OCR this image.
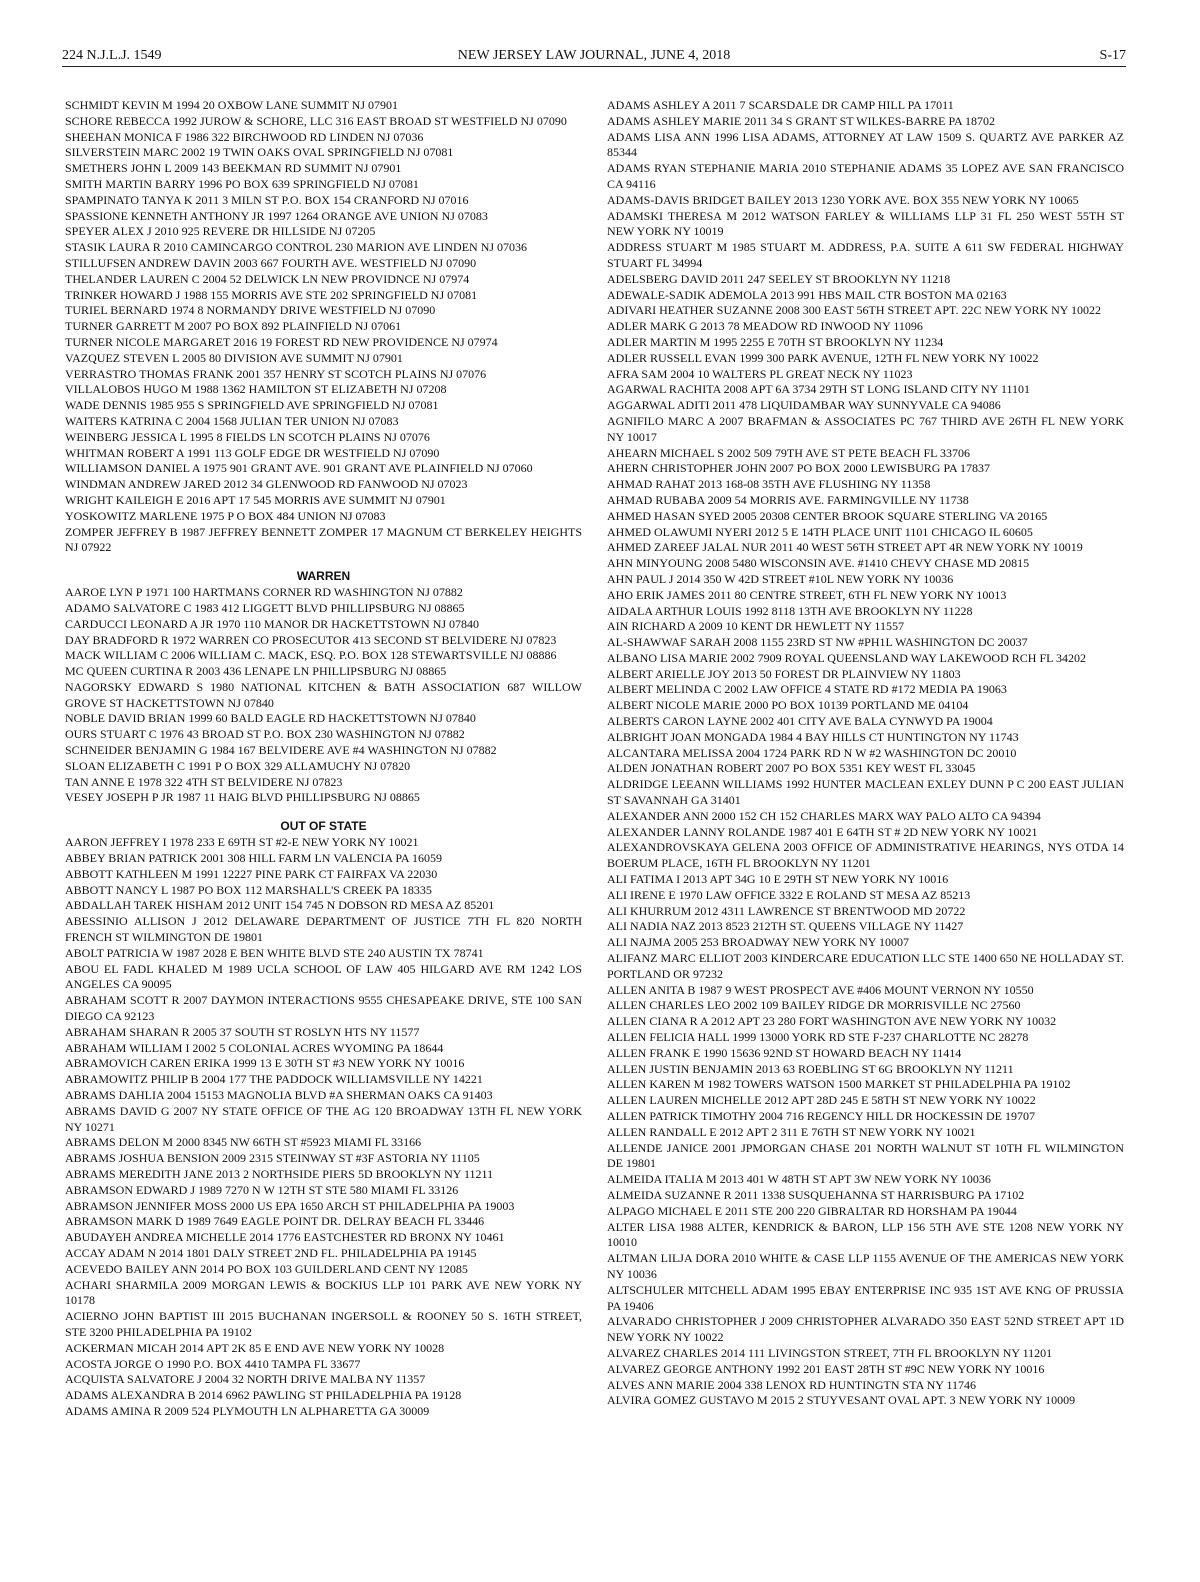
NEW JERSEY LAW JOURNAL, JUNE 4, 2018
224 N.J.L.J. 1549	S-17
SCHMIDT KEVIN M 1994 20 OXBOW LANE SUMMIT NJ 07901
SCHORE REBECCA 1992 JUROW & SCHORE, LLC 316 EAST BROAD ST WESTFIELD NJ 07090
SHEEHAN MONICA F 1986 322 BIRCHWOOD RD LINDEN NJ 07036
SILVERSTEIN MARC 2002 19 TWIN OAKS OVAL SPRINGFIELD NJ 07081
SMETHERS JOHN L 2009 143 BEEKMAN RD SUMMIT NJ 07901
SMITH MARTIN BARRY 1996 PO BOX 639 SPRINGFIELD NJ 07081
SPAMPINATO TANYA K 2011 3 MILN ST P.O. BOX 154 CRANFORD NJ 07016
SPASSIONE KENNETH ANTHONY JR 1997 1264 ORANGE AVE UNION NJ 07083
SPEYER ALEX J 2010 925 REVERE DR HILLSIDE NJ 07205
STASIK LAURA R 2010 CAMINCARGO CONTROL 230 MARION AVE LINDEN NJ 07036
STILLUFSEN ANDREW DAVIN 2003 667 FOURTH AVE. WESTFIELD NJ 07090
THELANDER LAUREN C 2004 52 DELWICK LN NEW PROVIDNCE NJ 07974
TRINKER HOWARD J 1988 155 MORRIS AVE STE 202 SPRINGFIELD NJ 07081
TURIEL BERNARD 1974 8 NORMANDY DRIVE WESTFIELD NJ 07090
TURNER GARRETT M 2007 PO BOX 892 PLAINFIELD NJ 07061
TURNER NICOLE MARGARET 2016 19 FOREST RD NEW PROVIDENCE NJ 07974
VAZQUEZ STEVEN L 2005 80 DIVISION AVE SUMMIT NJ 07901
VERRASTRO THOMAS FRANK 2001 357 HENRY ST SCOTCH PLAINS NJ 07076
VILLALOBOS HUGO M 1988 1362 HAMILTON ST ELIZABETH NJ 07208
WADE DENNIS 1985 955 S SPRINGFIELD AVE SPRINGFIELD NJ 07081
WAITERS KATRINA C 2004 1568 JULIAN TER UNION NJ 07083
WEINBERG JESSICA L 1995 8 FIELDS LN SCOTCH PLAINS NJ 07076
WHITMAN ROBERT A 1991 113 GOLF EDGE DR WESTFIELD NJ 07090
WILLIAMSON DANIEL A 1975 901 GRANT AVE. 901 GRANT AVE PLAINFIELD NJ 07060
WINDMAN ANDREW JARED 2012 34 GLENWOOD RD FANWOOD NJ 07023
WRIGHT KAILEIGH E 2016 APT 17 545 MORRIS AVE SUMMIT NJ 07901
YOSKOWITZ MARLENE 1975 P O BOX 484 UNION NJ 07083
ZOMPER JEFFREY B 1987 JEFFREY BENNETT ZOMPER 17 MAGNUM CT BERKELEY HEIGHTS NJ 07922
WARREN
AAROE LYN P 1971 100 HARTMANS CORNER RD WASHINGTON NJ 07882
ADAMO SALVATORE C 1983 412 LIGGETT BLVD PHILLIPSBURG NJ 08865
CARDUCCI LEONARD A JR 1970 110 MANOR DR HACKETTSTOWN NJ 07840
DAY BRADFORD R 1972 WARREN CO PROSECUTOR 413 SECOND ST BELVIDERE NJ 07823
MACK WILLIAM C 2006 WILLIAM C. MACK, ESQ. P.O. BOX 128 STEWARTSVILLE NJ 08886
MC QUEEN CURTINA R 2003 436 LENAPE LN PHILLIPSBURG NJ 08865
NAGORSKY EDWARD S 1980 NATIONAL KITCHEN & BATH ASSOCIATION 687 WILLOW GROVE ST HACKETTSTOWN NJ 07840
NOBLE DAVID BRIAN 1999 60 BALD EAGLE RD HACKETTSTOWN NJ 07840
OURS STUART C 1976 43 BROAD ST P.O. BOX 230 WASHINGTON NJ 07882
SCHNEIDER BENJAMIN G 1984 167 BELVIDERE AVE #4 WASHINGTON NJ 07882
SLOAN ELIZABETH C 1991 P O BOX 329 ALLAMUCHY NJ 07820
TAN ANNE E 1978 322 4TH ST BELVIDERE NJ 07823
VESEY JOSEPH P JR 1987 11 HAIG BLVD PHILLIPSBURG NJ 08865
OUT OF STATE
AARON JEFFREY I 1978 233 E 69TH ST #2-E NEW YORK NY 10021
ABBEY BRIAN PATRICK 2001 308 HILL FARM LN VALENCIA PA 16059
ABBOTT KATHLEEN M 1991 12227 PINE PARK CT FAIRFAX VA 22030
ABBOTT NANCY L 1987 PO BOX 112 MARSHALL'S CREEK PA 18335
ABDALLAH TAREK HISHAM 2012 UNIT 154 745 N DOBSON RD MESA AZ 85201
ABESSINIO ALLISON J 2012 DELAWARE DEPARTMENT OF JUSTICE 7TH FL 820 NORTH FRENCH ST WILMINGTON DE 19801
ABOLT PATRICIA W 1987 2028 E BEN WHITE BLVD STE 240 AUSTIN TX 78741
ABOU EL FADL KHALED M 1989 UCLA SCHOOL OF LAW 405 HILGARD AVE RM 1242 LOS ANGELES CA 90095
ABRAHAM SCOTT R 2007 DAYMON INTERACTIONS 9555 CHESAPEAKE DRIVE, STE 100 SAN DIEGO CA 92123
ABRAHAM SHARAN R 2005 37 SOUTH ST ROSLYN HTS NY 11577
ABRAHAM WILLIAM I 2002 5 COLONIAL ACRES WYOMING PA 18644
ABRAMOVICH CAREN ERIKA 1999 13 E 30TH ST #3 NEW YORK NY 10016
ABRAMOWITZ PHILIP B 2004 177 THE PADDOCK WILLIAMSVILLE NY 14221
ABRAMS DAHLIA 2004 15153 MAGNOLIA BLVD #A SHERMAN OAKS CA 91403
ABRAMS DAVID G 2007 NY STATE OFFICE OF THE AG 120 BROADWAY 13TH FL NEW YORK NY 10271
ABRAMS DELON M 2000 8345 NW 66TH ST #5923 MIAMI FL 33166
ABRAMS JOSHUA BENSION 2009 2315 STEINWAY ST #3F ASTORIA NY 11105
ABRAMS MEREDITH JANE 2013 2 NORTHSIDE PIERS 5D BROOKLYN NY 11211
ABRAMSON EDWARD J 1989 7270 N W 12TH ST STE 580 MIAMI FL 33126
ABRAMSON JENNIFER MOSS 2000 US EPA 1650 ARCH ST PHILADELPHIA PA 19003
ABRAMSON MARK D 1989 7649 EAGLE POINT DR. DELRAY BEACH FL 33446
ABUDAYEH ANDREA MICHELLE 2014 1776 EASTCHESTER RD BRONX NY 10461
ACCAY ADAM N 2014 1801 DALY STREET 2ND FL. PHILADELPHIA PA 19145
ACEVEDO BAILEY ANN 2014 PO BOX 103 GUILDERLAND CENT NY 12085
ACHARI SHARMILA 2009 MORGAN LEWIS & BOCKIUS LLP 101 PARK AVE NEW YORK NY 10178
ACIERNO JOHN BAPTIST III 2015 BUCHANAN INGERSOLL & ROONEY 50 S. 16TH STREET, STE 3200 PHILADELPHIA PA 19102
ACKERMAN MICAH 2014 APT 2K 85 E END AVE NEW YORK NY 10028
ACOSTA JORGE O 1990 P.O. BOX 4410 TAMPA FL 33677
ACQUISTA SALVATORE J 2004 32 NORTH DRIVE MALBA NY 11357
ADAMS ALEXANDRA B 2014 6962 PAWLING ST PHILADELPHIA PA 19128
ADAMS AMINA R 2009 524 PLYMOUTH LN ALPHARETTA GA 30009
ADAMS ASHLEY A 2011 7 SCARSDALE DR CAMP HILL PA 17011
ADAMS ASHLEY MARIE 2011 34 S GRANT ST WILKES-BARRE PA 18702
ADAMS LISA ANN 1996 LISA ADAMS, ATTORNEY AT LAW 1509 S. QUARTZ AVE PARKER AZ 85344
ADAMS RYAN STEPHANIE MARIA 2010 STEPHANIE ADAMS 35 LOPEZ AVE SAN FRANCISCO CA 94116
ADAMS-DAVIS BRIDGET BAILEY 2013 1230 YORK AVE. BOX 355 NEW YORK NY 10065
ADAMSKI THERESA M 2012 WATSON FARLEY & WILLIAMS LLP 31 FL 250 WEST 55TH ST NEW YORK NY 10019
ADDRESS STUART M 1985 STUART M. ADDRESS, P.A. SUITE A 611 SW FEDERAL HIGHWAY STUART FL 34994
ADELSBERG DAVID 2011 247 SEELEY ST BROOKLYN NY 11218
ADEWALE-SADIK ADEMOLA 2013 991 HBS MAIL CTR BOSTON MA 02163
ADIVARI HEATHER SUZANNE 2008 300 EAST 56TH STREET APT. 22C NEW YORK NY 10022
ADLER MARK G 2013 78 MEADOW RD INWOOD NY 11096
ADLER MARTIN M 1995 2255 E 70TH ST BROOKLYN NY 11234
ADLER RUSSELL EVAN 1999 300 PARK AVENUE, 12TH FL NEW YORK NY 10022
AFRA SAM 2004 10 WALTERS PL GREAT NECK NY 11023
AGARWAL RACHITA 2008 APT 6A 3734 29TH ST LONG ISLAND CITY NY 11101
AGGARWAL ADITI 2011 478 LIQUIDAMBAR WAY SUNNYVALE CA 94086
AGNIFILO MARC A 2007 BRAFMAN & ASSOCIATES PC 767 THIRD AVE 26TH FL NEW YORK NY 10017
AHEARN MICHAEL S 2002 509 79TH AVE ST PETE BEACH FL 33706
AHERN CHRISTOPHER JOHN 2007 PO BOX 2000 LEWISBURG PA 17837
AHMAD RAHAT 2013 168-08 35TH AVE FLUSHING NY 11358
AHMAD RUBABA 2009 54 MORRIS AVE. FARMINGVILLE NY 11738
AHMED HASAN SYED 2005 20308 CENTER BROOK SQUARE STERLING VA 20165
AHMED OLAWUMI NYERI 2012 5 E 14TH PLACE UNIT 1101 CHICAGO IL 60605
AHMED ZAREEF JALAL NUR 2011 40 WEST 56TH STREET APT 4R NEW YORK NY 10019
AHN MINYOUNG 2008 5480 WISCONSIN AVE. #1410 CHEVY CHASE MD 20815
AHN PAUL J 2014 350 W 42D STREET #10L NEW YORK NY 10036
AHO ERIK JAMES 2011 80 CENTRE STREET, 6TH FL NEW YORK NY 10013
AIDALA ARTHUR LOUIS 1992 8118 13TH AVE BROOKLYN NY 11228
AIN RICHARD A 2009 10 KENT DR HEWLETT NY 11557
AL-SHAWWAF SARAH 2008 1155 23RD ST NW #PH1L WASHINGTON DC 20037
ALBANO LISA MARIE 2002 7909 ROYAL QUEENSLAND WAY LAKEWOOD RCH FL 34202
ALBERT ARIELLE JOY 2013 50 FOREST DR PLAINVIEW NY 11803
ALBERT MELINDA C 2002 LAW OFFICE 4 STATE RD #172 MEDIA PA 19063
ALBERT NICOLE MARIE 2000 PO BOX 10139 PORTLAND ME 04104
ALBERTS CARON LAYNE 2002 401 CITY AVE BALA CYNWYD PA 19004
ALBRIGHT JOAN MONGADA 1984 4 BAY HILLS CT HUNTINGTON NY 11743
ALCANTARA MELISSA 2004 1724 PARK RD N W #2 WASHINGTON DC 20010
ALDEN JONATHAN ROBERT 2007 PO BOX 5351 KEY WEST FL 33045
ALDRIDGE LEEANN WILLIAMS 1992 HUNTER MACLEAN EXLEY DUNN P C 200 EAST JULIAN ST SAVANNAH GA 31401
ALEXANDER ANN 2000 152 CH 152 CHARLES MARX WAY PALO ALTO CA 94394
ALEXANDER LANNY ROLANDE 1987 401 E 64TH ST # 2D NEW YORK NY 10021
ALEXANDROVSKAYA GELENA 2003 OFFICE OF ADMINISTRATIVE HEARINGS, NYS OTDA 14 BOERUM PLACE, 16TH FL BROOKLYN NY 11201
ALI FATIMA I 2013 APT 34G 10 E 29TH ST NEW YORK NY 10016
ALI IRENE E 1970 LAW OFFICE 3322 E ROLAND ST MESA AZ 85213
ALI KHURRUM 2012 4311 LAWRENCE ST BRENTWOOD MD 20722
ALI NADIA NAZ 2013 8523 212TH ST. QUEENS VILLAGE NY 11427
ALI NAJMA 2005 253 BROADWAY NEW YORK NY 10007
ALIFANZ MARC ELLIOT 2003 KINDERCARE EDUCATION LLC STE 1400 650 NE HOLLADAY ST. PORTLAND OR 97232
ALLEN ANITA B 1987 9 WEST PROSPECT AVE #406 MOUNT VERNON NY 10550
ALLEN CHARLES LEO 2002 109 BAILEY RIDGE DR MORRISVILLE NC 27560
ALLEN CIANA R A 2012 APT 23 280 FORT WASHINGTON AVE NEW YORK NY 10032
ALLEN FELICIA HALL 1999 13000 YORK RD STE F-237 CHARLOTTE NC 28278
ALLEN FRANK E 1990 15636 92ND ST HOWARD BEACH NY 11414
ALLEN JUSTIN BENJAMIN 2013 63 ROEBLING ST 6G BROOKLYN NY 11211
ALLEN KAREN M 1982 TOWERS WATSON 1500 MARKET ST PHILADELPHIA PA 19102
ALLEN LAUREN MICHELLE 2012 APT 28D 245 E 58TH ST NEW YORK NY 10022
ALLEN PATRICK TIMOTHY 2004 716 REGENCY HILL DR HOCKESSIN DE 19707
ALLEN RANDALL E 2012 APT 2 311 E 76TH ST NEW YORK NY 10021
ALLENDE JANICE 2001 JPMORGAN CHASE 201 NORTH WALNUT ST 10TH FL WILMINGTON DE 19801
ALMEIDA ITALIA M 2013 401 W 48TH ST APT 3W NEW YORK NY 10036
ALMEIDA SUZANNE R 2011 1338 SUSQUEHANNA ST HARRISBURG PA 17102
ALPAGO MICHAEL E 2011 STE 200 220 GIBRALTAR RD HORSHAM PA 19044
ALTER LISA 1988 ALTER, KENDRICK & BARON, LLP 156 5TH AVE STE 1208 NEW YORK NY 10010
ALTMAN LILJA DORA 2010 WHITE & CASE LLP 1155 AVENUE OF THE AMERICAS NEW YORK NY 10036
ALTSCHULER MITCHELL ADAM 1995 EBAY ENTERPRISE INC 935 1ST AVE KNG OF PRUSSIA PA 19406
ALVARADO CHRISTOPHER J 2009 CHRISTOPHER ALVARADO 350 EAST 52ND STREET APT 1D NEW YORK NY 10022
ALVAREZ CHARLES 2014 111 LIVINGSTON STREET, 7TH FL BROOKLYN NY 11201
ALVAREZ GEORGE ANTHONY 1992 201 EAST 28TH ST #9C NEW YORK NY 10016
ALVES ANN MARIE 2004 338 LENOX RD HUNTINGTN STA NY 11746
ALVIRA GOMEZ GUSTAVO M 2015 2 STUYVESANT OVAL APT. 3 NEW YORK NY 10009
